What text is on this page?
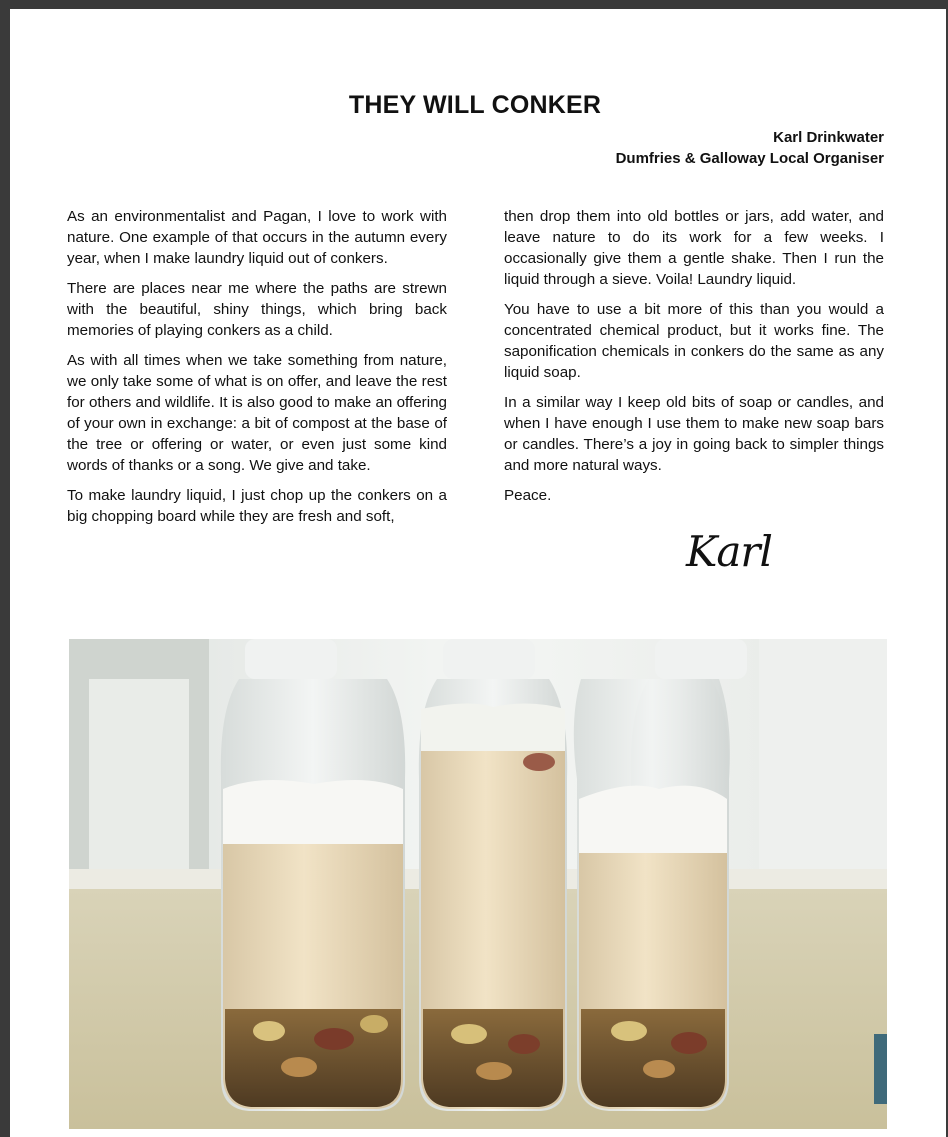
THEY WILL CONKER
Karl Drinkwater
Dumfries & Galloway Local Organiser

As an environmentalist and Pagan, I love to work with nature. One example of that occurs in the autumn every year, when I make laundry liquid out of conkers.

There are places near me where the paths are strewn with the beautiful, shiny things, which bring back memories of playing conkers as a child.

As with all times when we take something from nature, we only take some of what is on offer, and leave the rest for others and wildlife. It is also good to make an offering of your own in exchange: a bit of compost at the base of the tree or offering or water, or even just some kind words of thanks or a song. We give and take.

To make laundry liquid, I just chop up the conkers on a big chopping board while they are fresh and soft,

then drop them into old bottles or jars, add water, and leave nature to do its work for a few weeks. I occasionally give them a gentle shake. Then I run the liquid through a sieve. Voila! Laundry liquid.

You have to use a bit more of this than you would a concentrated chemical product, but it works fine. The saponification chemicals in conkers do the same as any liquid soap.

In a similar way I keep old bits of soap or candles, and when I have enough I use them to make new soap bars or candles. There’s a joy in going back to simpler things and more natural ways.

Peace.

Karl
